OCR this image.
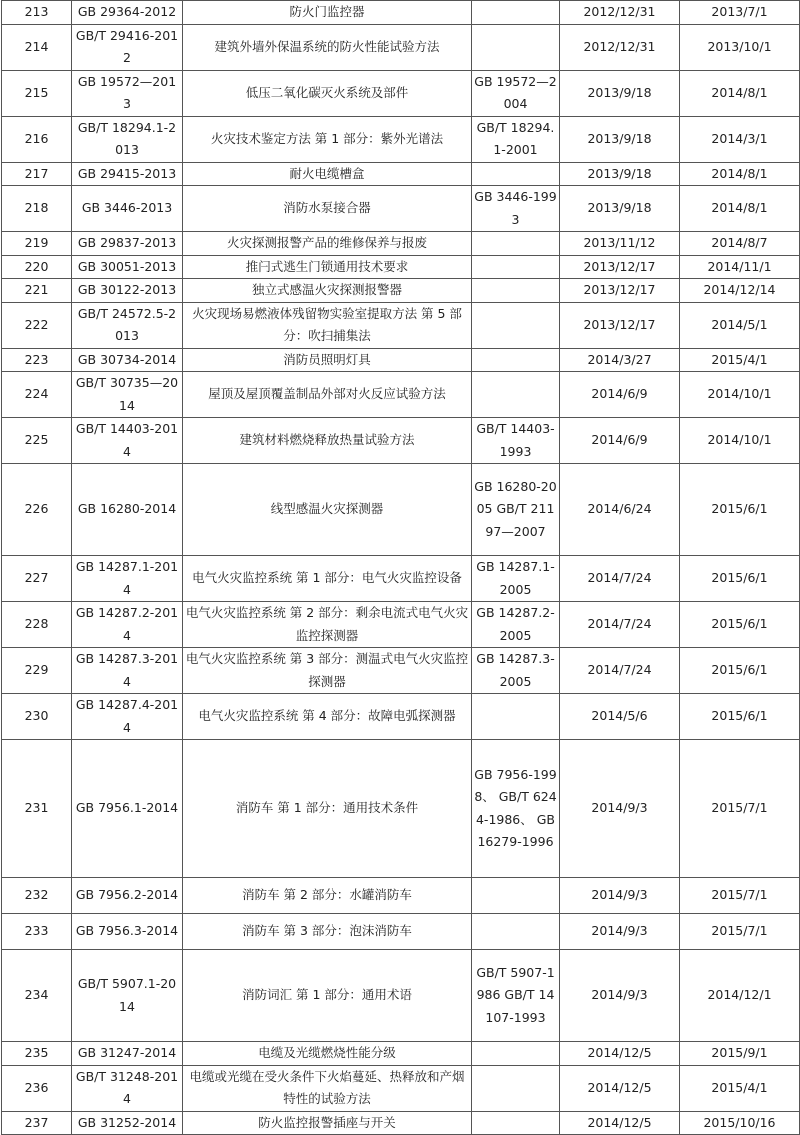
213	GB 29364-2012	防火门监控器		2012/12/31	2013/7/1
214	GB/T 29416-2012	建筑外墙外保温系统的防火性能试验方法		2012/12/31	2013/10/1
215	GB 19572—2013	低压二氧化碳灭火系统及部件	GB 19572—2004	2013/9/18	2014/8/1
216	GB/T 18294.1-2013	火灾技术鉴定方法 第 1 部分：紫外光谱法	GB/T 18294.1-2001	2013/9/18	2014/3/1
217	GB 29415-2013	耐火电缆槽盒		2013/9/18	2014/8/1
218	GB 3446-2013	消防水泵接合器	GB 3446-1993	2013/9/18	2014/8/1
219	GB 29837-2013	火灾探测报警产品的维修保养与报废		2013/11/12	2014/8/7
220	GB 30051-2013	推闩式逃生门锁通用技术要求		2013/12/17	2014/11/1
221	GB 30122-2013	独立式感温火灾探测报警器		2013/12/17	2014/12/14
222	GB/T 24572.5-2013	火灾现场易燃液体残留物实验室提取方法 第 5 部分：吹扫捕集法		2013/12/17	2014/5/1
223	GB 30734-2014	消防员照明灯具		2014/3/27	2015/4/1
224	GB/T 30735—2014	屋顶及屋顶覆盖制品外部对火反应试验方法		2014/6/9	2014/10/1
225	GB/T 14403-2014	建筑材料燃烧释放热量试验方法	GB/T 14403-1993	2014/6/9	2014/10/1
226	GB 16280-2014	线型感温火灾探测器	GB 16280-2005 GB/T 21197—2007	2014/6/24	2015/6/1
227	GB 14287.1-2014	电气火灾监控系统 第 1 部分：电气火灾监控设备	GB 14287.1-2005	2014/7/24	2015/6/1
228	GB 14287.2-2014	电气火灾监控系统 第 2 部分：剩余电流式电气火灾监控探测器	GB 14287.2-2005	2014/7/24	2015/6/1
229	GB 14287.3-2014	电气火灾监控系统 第 3 部分：测温式电气火灾监控探测器	GB 14287.3-2005	2014/7/24	2015/6/1
230	GB 14287.4-2014	电气火灾监控系统 第 4 部分：故障电弧探测器		2014/5/6	2015/6/1
231	GB 7956.1-2014	消防车 第 1 部分：通用技术条件	GB 7956-1998、 GB/T 6244-1986、 GB 16279-1996	2014/9/3	2015/7/1
232	GB 7956.2-2014	消防车 第 2 部分：水罐消防车		2014/9/3	2015/7/1
233	GB 7956.3-2014	消防车 第 3 部分：泡沫消防车		2014/9/3	2015/7/1
234	GB/T 5907.1-2014	消防词汇 第 1 部分：通用术语	GB/T 5907-1986 GB/T 14107-1993	2014/9/3	2014/12/1
235	GB 31247-2014	电缆及光缆燃烧性能分级		2014/12/5	2015/9/1
236	GB/T 31248-2014	电缆或光缆在受火条件下火焰蔓延、热释放和产烟特性的试验方法		2014/12/5	2015/4/1
237	GB 31252-2014	防火监控报警插座与开关		2014/12/5	2015/10/16
